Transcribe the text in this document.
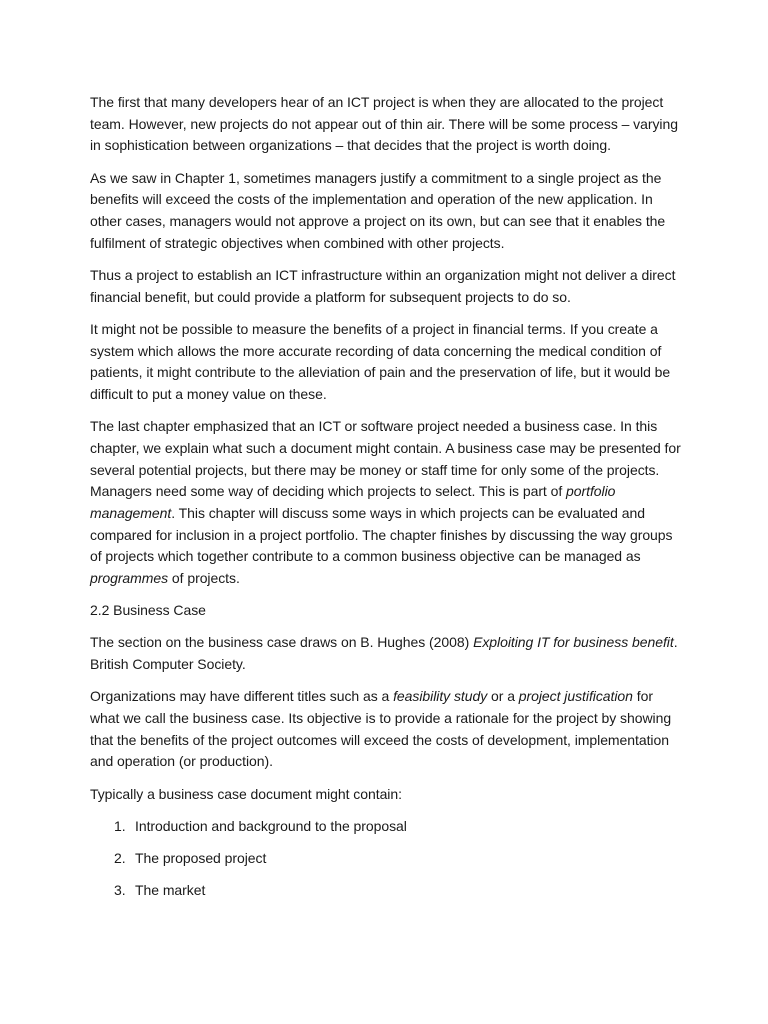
The first that many developers hear of an ICT project is when they are allocated to the project team. However, new projects do not appear out of thin air. There will be some process – varying in sophistication between organizations – that decides that the project is worth doing.

As we saw in Chapter 1, sometimes managers justify a commitment to a single project as the benefits will exceed the costs of the implementation and operation of the new application. In other cases, managers would not approve a project on its own, but can see that it enables the fulfilment of strategic objectives when combined with other projects.

Thus a project to establish an ICT infrastructure within an organization might not deliver a direct financial benefit, but could provide a platform for subsequent projects to do so.

It might not be possible to measure the benefits of a project in financial terms. If you create a system which allows the more accurate recording of data concerning the medical condition of patients, it might contribute to the alleviation of pain and the preservation of life, but it would be difficult to put a money value on these.

The last chapter emphasized that an ICT or software project needed a business case. In this chapter, we explain what such a document might contain. A business case may be presented for several potential projects, but there may be money or staff time for only some of the projects. Managers need some way of deciding which projects to select. This is part of portfolio management. This chapter will discuss some ways in which projects can be evaluated and compared for inclusion in a project portfolio. The chapter finishes by discussing the way groups of projects which together contribute to a common business objective can be managed as programmes of projects.

2.2 Business Case

The section on the business case draws on B. Hughes (2008) Exploiting IT for business benefit. British Computer Society.

Organizations may have different titles such as a feasibility study or a project justification for what we call the business case. Its objective is to provide a rationale for the project by showing that the benefits of the project outcomes will exceed the costs of development, implementation and operation (or production).

Typically a business case document might contain:

1. Introduction and background to the proposal
2. The proposed project
3. The market
